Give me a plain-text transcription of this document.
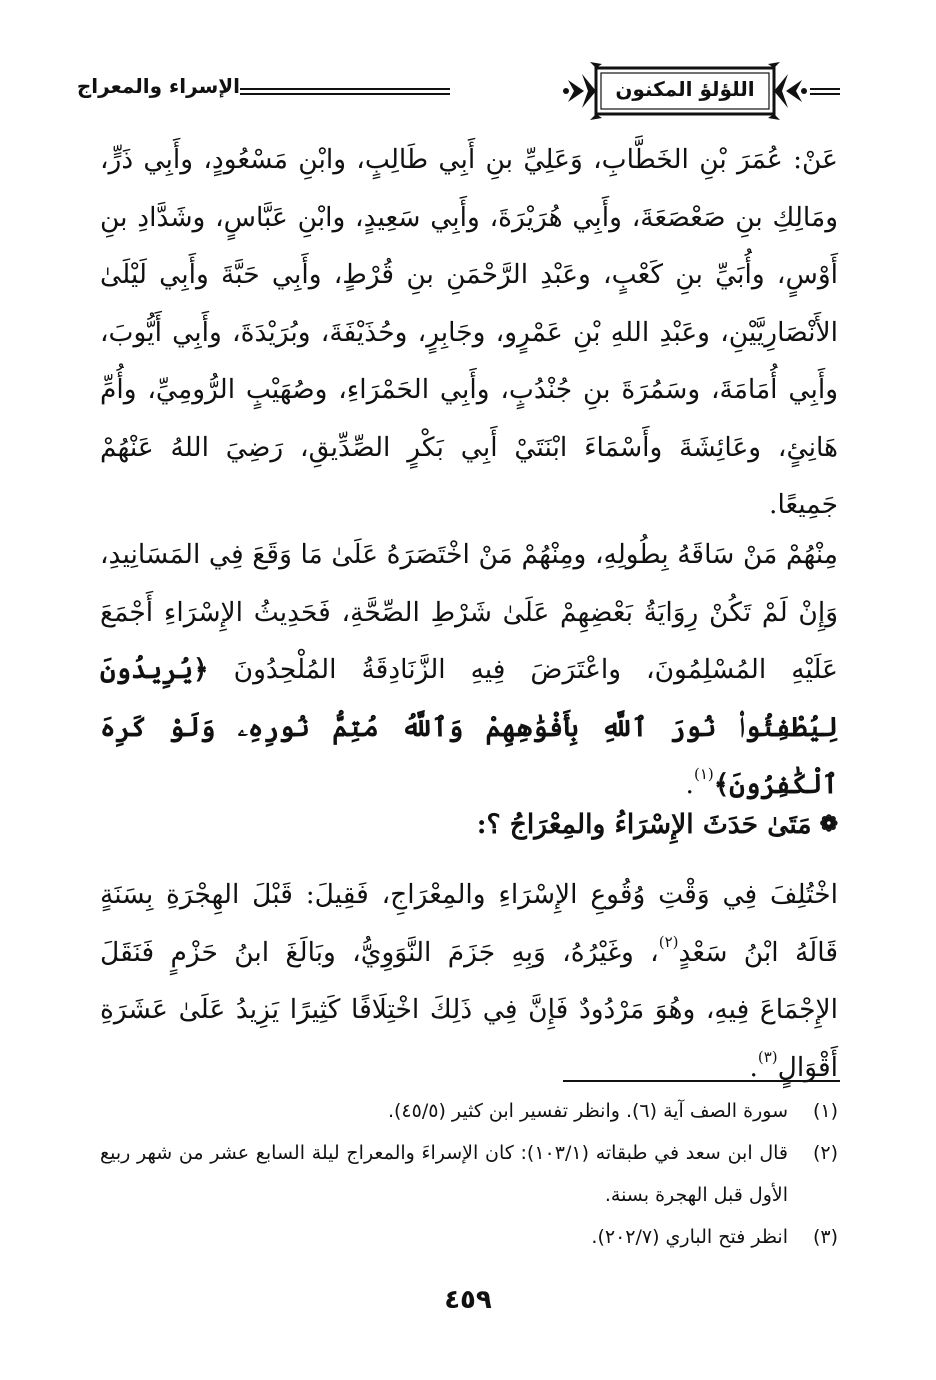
اللؤلؤ المكنون
الإسراء والمعراج
عَنْ: عُمَرَ بْنِ الخَطَّابِ، وَعَلِيِّ بنِ أَبِي طَالِبٍ، وابْنِ مَسْعُودٍ، وأَبِي ذَرٍّ، ومَالِكِ بنِ صَعْصَعَةَ، وأَبِي هُرَيْرَةَ، وأَبِي سَعِيدٍ، وابْنِ عَبَّاسٍ، وشَدَّادِ بنِ أَوْسٍ، وأُبَيِّ بنِ كَعْبٍ، وعَبْدِ الرَّحْمَنِ بنِ قُرْطٍ، وأَبِي حَبَّةَ وأَبِي لَيْلَىٰ الأَنْصَارِيَّيْنِ، وعَبْدِ اللهِ بْنِ عَمْرٍو، وجَابِرٍ، وحُذَيْفَةَ، وبُرَيْدَةَ، وأَبِي أَيُّوبَ، وأَبِي أُمَامَةَ، وسَمُرَةَ بنِ جُنْدُبٍ، وأَبِي الحَمْرَاءِ، وصُهَيْبٍ الرُّومِيِّ، وأُمِّ هَانِئٍ، وعَائِشَةَ وأَسْمَاءَ ابْنَتَيْ أَبِي بَكْرٍ الصِّدِّيقِ، رَضِيَ اللهُ عَنْهُمْ جَمِيعًا.
مِنْهُمْ مَنْ سَاقَهُ بِطُولِهِ، ومِنْهُمْ مَنْ اخْتَصَرَهُ عَلَىٰ مَا وَقَعَ فِي المَسَانِيدِ، وَإِنْ لَمْ تَكُنْ رِوَايَةُ بَعْضِهِمْ عَلَىٰ شَرْطِ الصِّحَّةِ، فَحَدِيثُ الإِسْرَاءِ أَجْمَعَ عَلَيْهِ المُسْلِمُونَ، واعْتَرَضَ فِيهِ الزَّنَادِقَةُ المُلْحِدُونَ ﴿يُرِيدُونَ لِيُطْفِئُوا۟ نُورَ ٱللَّهِ بِأَفْوَٰهِهِمْ وَٱللَّهُ مُتِمُّ نُورِهِۦ وَلَوْ كَرِهَ ٱلْكَٰفِرُونَ﴾$^{(١)}$.
❁مَتَىٰ حَدَثَ الإِسْرَاءُ والمِعْرَاجُ ؟:
اخْتُلِفَ فِي وَقْتِ وُقُوعِ الإِسْرَاءِ والمِعْرَاجِ، فَقِيلَ: قَبْلَ الهِجْرَةِ بِسَنَةٍ قَالَهُ ابْنُ سَعْدٍ$^{(٢)}$، وغَيْرُهُ، وَبِهِ جَزَمَ النَّوَوِيُّ، وبَالَغَ ابنُ حَزْمٍ فَنَقَلَ الإِجْمَاعَ فِيهِ، وهُوَ مَرْدُودٌ فَإِنَّ فِي ذَلِكَ اخْتِلَافًا كَثِيرًا يَزِيدُ عَلَىٰ عَشَرَةِ أَقْوَالٍ$^{(٣)}$.
(١)
سورة الصف آية (٦). وانظر تفسير ابن كثير (٤٥/٥).
(٢)
قال ابن سعد في طبقاته (١٠٣/١): كان الإسراءَ والمعراج ليلة السابع عشر من شهر ربيع الأول قبل الهجرة بسنة.
(٣)
انظر فتح الباري (٢٠٢/٧).
٤٥٩
